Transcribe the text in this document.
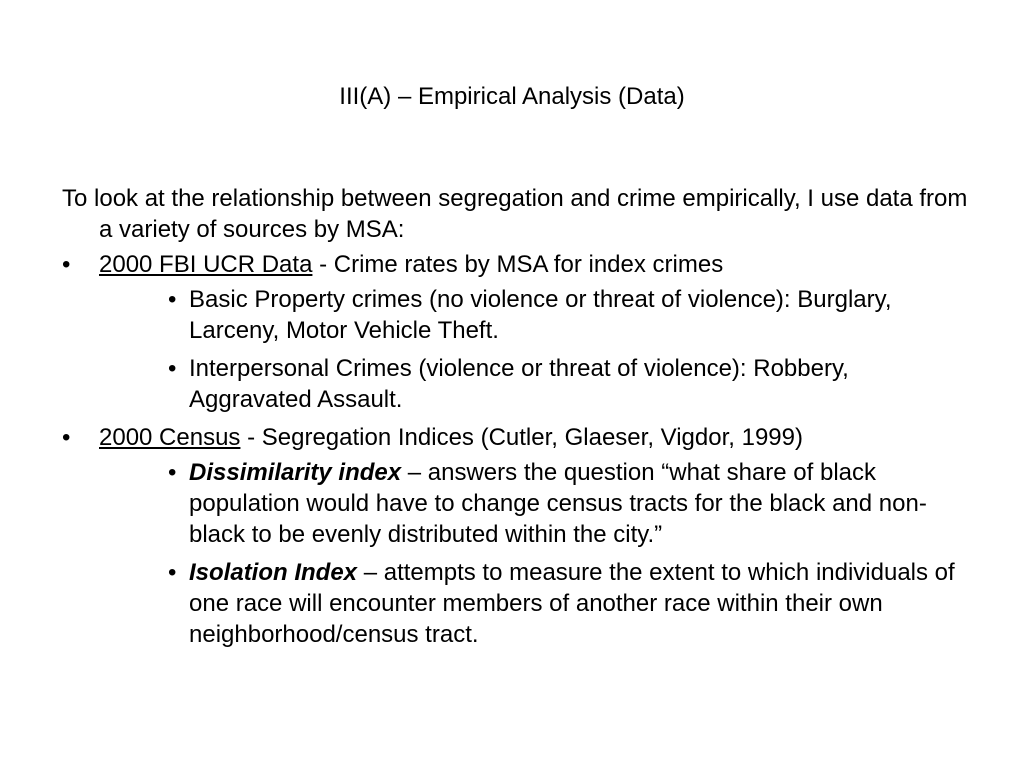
III(A) – Empirical Analysis (Data)

To look at the relationship between segregation and crime empirically, I use data from a variety of sources by MSA:

• 2000 FBI UCR Data - Crime rates by MSA for index crimes
• Basic Property crimes (no violence or threat of violence): Burglary, Larceny, Motor Vehicle Theft.
• Interpersonal Crimes (violence or threat of violence): Robbery, Aggravated Assault.
• 2000 Census - Segregation Indices (Cutler, Glaeser, Vigdor, 1999)
• Dissimilarity index – answers the question “what share of black population would have to change census tracts for the black and non-black to be evenly distributed within the city.”
• Isolation Index – attempts to measure the extent to which individuals of one race will encounter members of another race within their own neighborhood/census tract.
